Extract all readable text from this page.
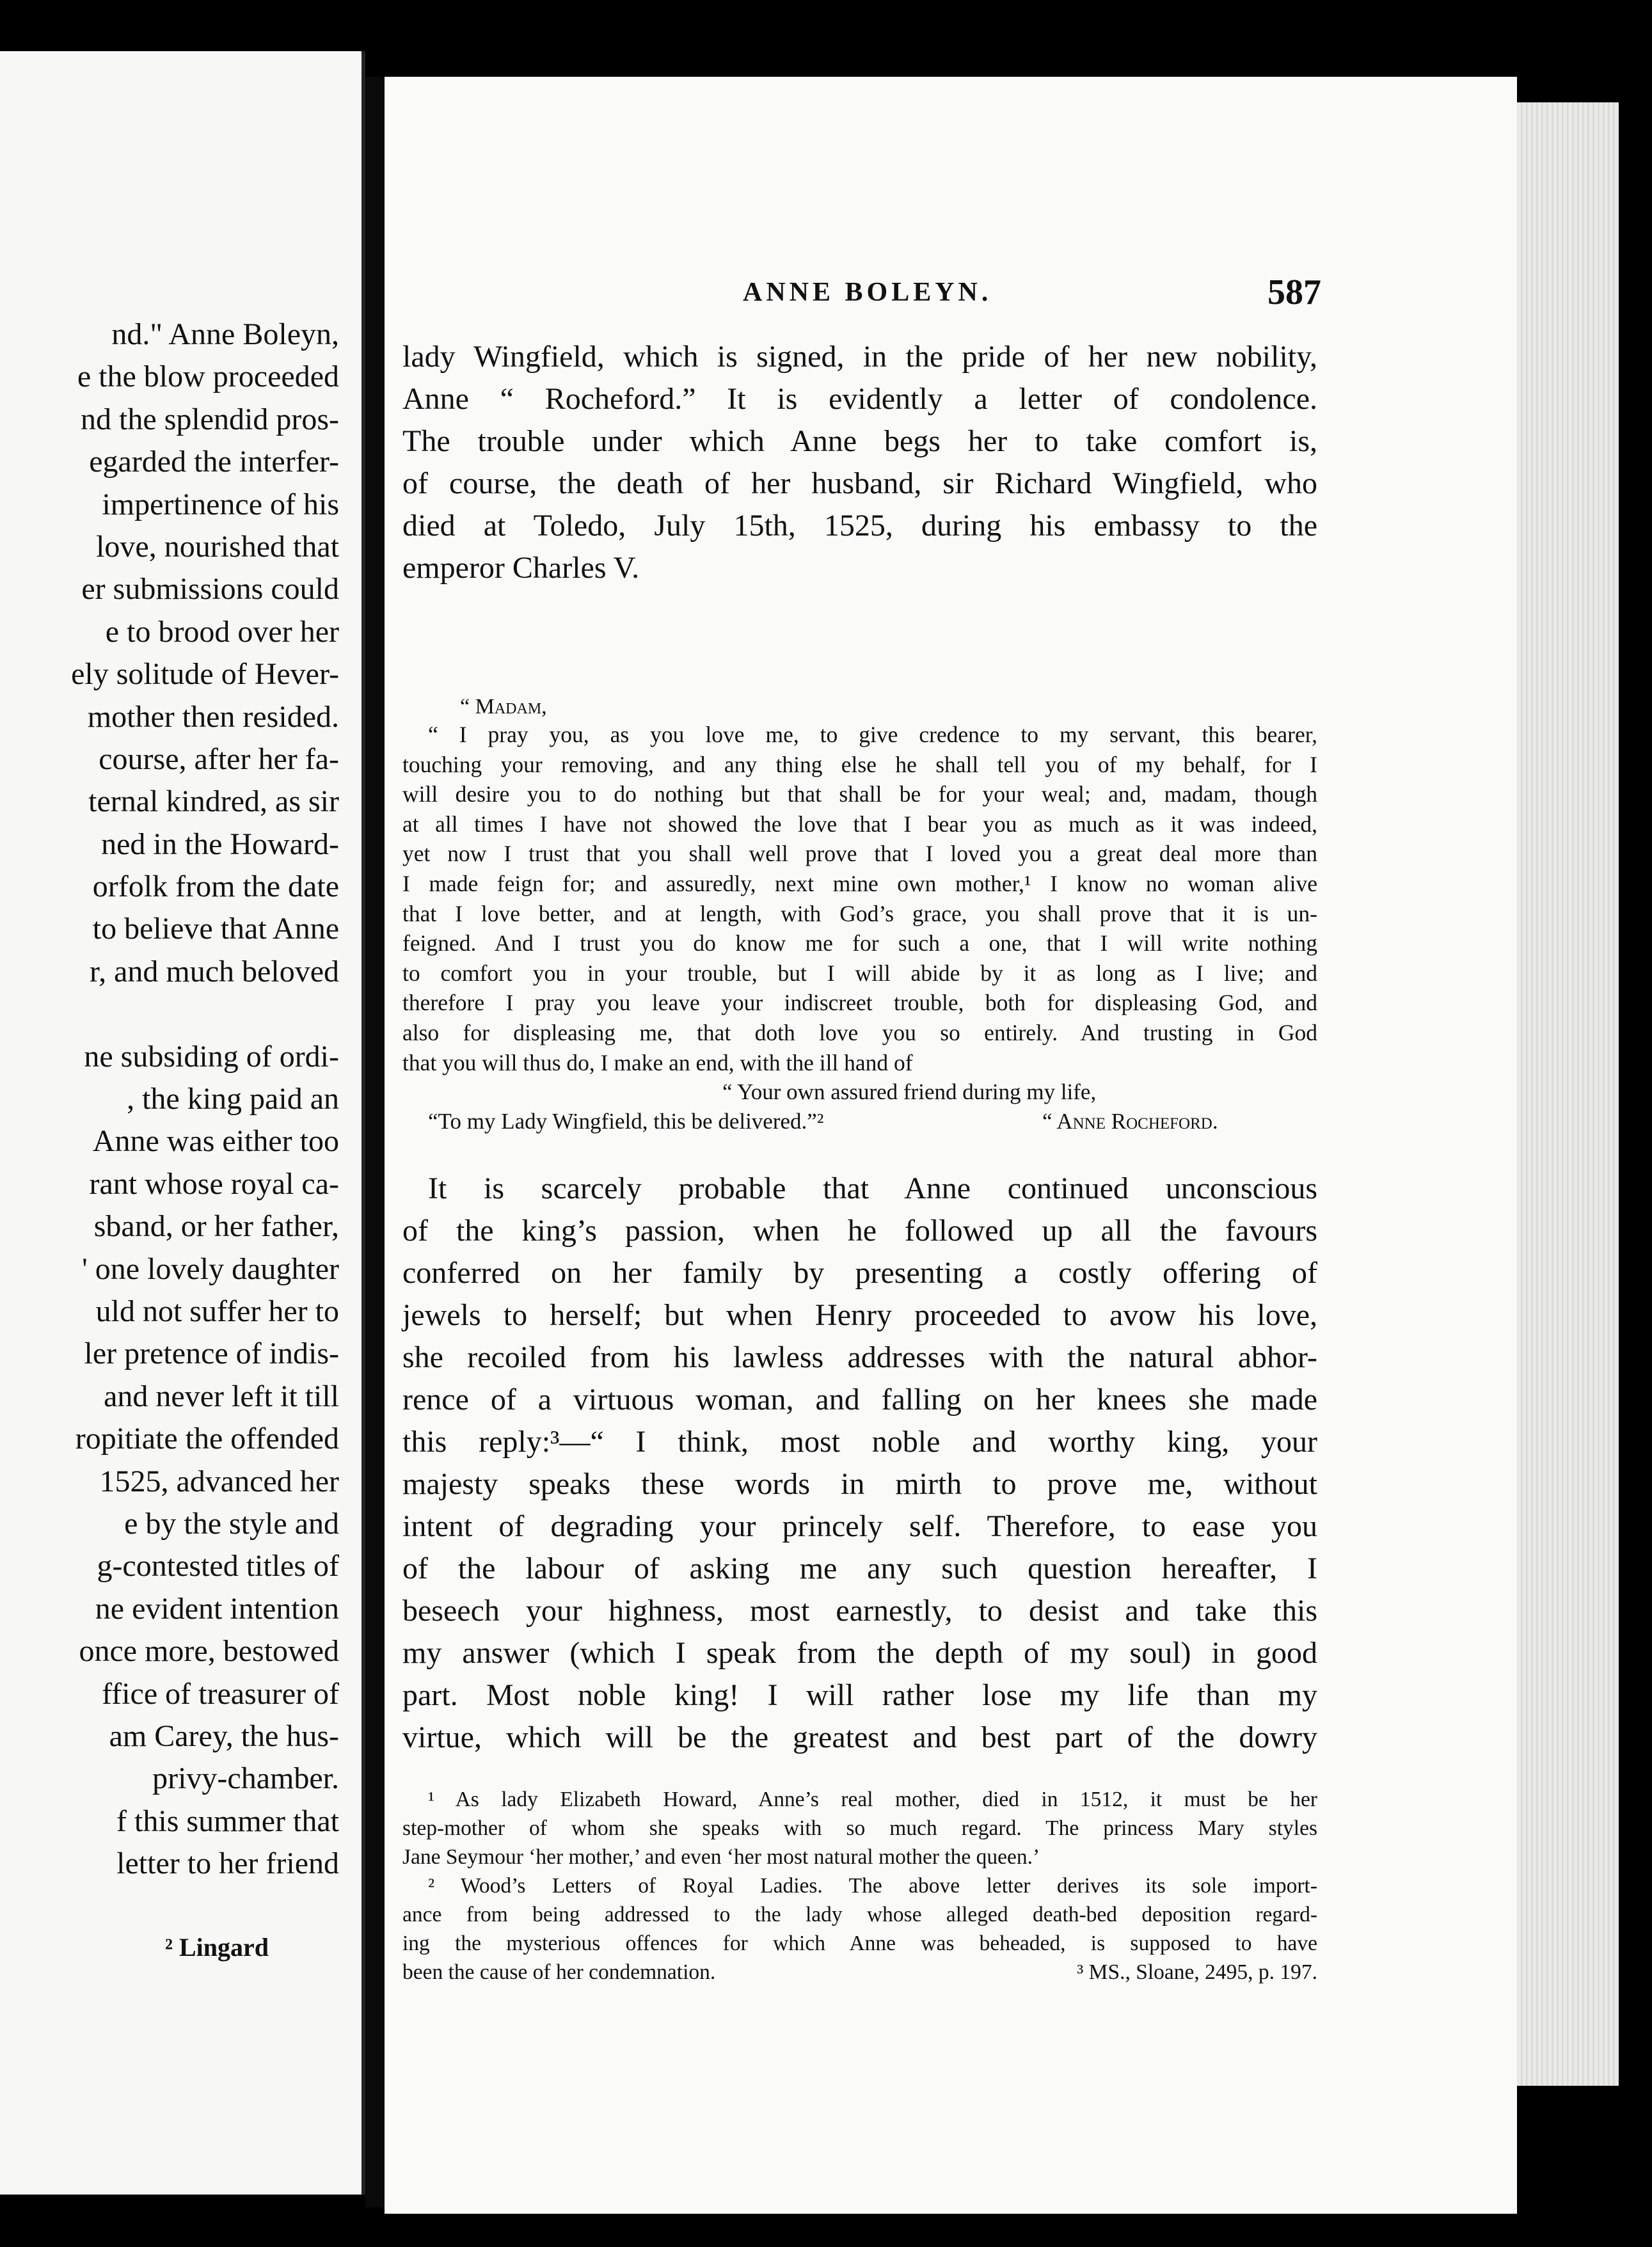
nd." Anne Boleyn,
e the blow proceeded
nd the splendid pros-
egarded the interfer-
impertinence of his
love, nourished that
er submissions could
e to brood over her
ely solitude of Hever-
mother then resided.
course, after her fa-
ternal kindred, as sir
ned in the Howard-
orfolk from the date
to believe that Anne
r, and much beloved
ne subsiding of ordi-
, the king paid an
Anne was either too
rant whose royal ca-
sband, or her father,
' one lovely daughter
uld not suffer her to
ler pretence of indis-
and never left it till
ropitiate the offended
1525, advanced her
e by the style and
g-contested titles of
ne evident intention
once more, bestowed
ffice of treasurer of
am Carey, the hus-
privy-chamber.
f this summer that
letter to her friend
² Lingard
ANNE BOLEYN.	587
lady Wingfield, which is signed, in the pride of her new nobility,
Anne “ Rocheford.” It is evidently a letter of condolence.
The trouble under which Anne begs her to take comfort is,
of course, the death of her husband, sir Richard Wingfield, who
died at Toledo, July 15th, 1525, during his embassy to the
emperor Charles V.
“ Madam,
“ I pray you, as you love me, to give credence to my servant, this bearer,
touching your removing, and any thing else he shall tell you of my behalf, for I
will desire you to do nothing but that shall be for your weal; and, madam, though
at all times I have not showed the love that I bear you as much as it was indeed,
yet now I trust that you shall well prove that I loved you a great deal more than
I made feign for; and assuredly, next mine own mother,¹ I know no woman alive
that I love better, and at length, with God’s grace, you shall prove that it is un-
feigned. And I trust you do know me for such a one, that I will write nothing
to comfort you in your trouble, but I will abide by it as long as I live; and
therefore I pray you leave your indiscreet trouble, both for displeasing God, and
also for displeasing me, that doth love you so entirely. And trusting in God
that you will thus do, I make an end, with the ill hand of
“ Your own assured friend during my life,
“ Anne Rocheford.
“To my Lady Wingfield, this be delivered.”²
It is scarcely probable that Anne continued unconscious
of the king’s passion, when he followed up all the favours
conferred on her family by presenting a costly offering of
jewels to herself; but when Henry proceeded to avow his love,
she recoiled from his lawless addresses with the natural abhor-
rence of a virtuous woman, and falling on her knees she made
this reply:³—“ I think, most noble and worthy king, your
majesty speaks these words in mirth to prove me, without
intent of degrading your princely self. Therefore, to ease you
of the labour of asking me any such question hereafter, I
beseech your highness, most earnestly, to desist and take this
my answer (which I speak from the depth of my soul) in good
part. Most noble king! I will rather lose my life than my
virtue, which will be the greatest and best part of the dowry
¹ As lady Elizabeth Howard, Anne’s real mother, died in 1512, it must be her
step-mother of whom she speaks with so much regard. The princess Mary styles
Jane Seymour ‘her mother,’ and even ‘her most natural mother the queen.’
² Wood’s Letters of Royal Ladies. The above letter derives its sole import-
ance from being addressed to the lady whose alleged death-bed deposition regard-
ing the mysterious offences for which Anne was beheaded, is supposed to have
been the cause of her condemnation.	³ MS., Sloane, 2495, p. 197.
